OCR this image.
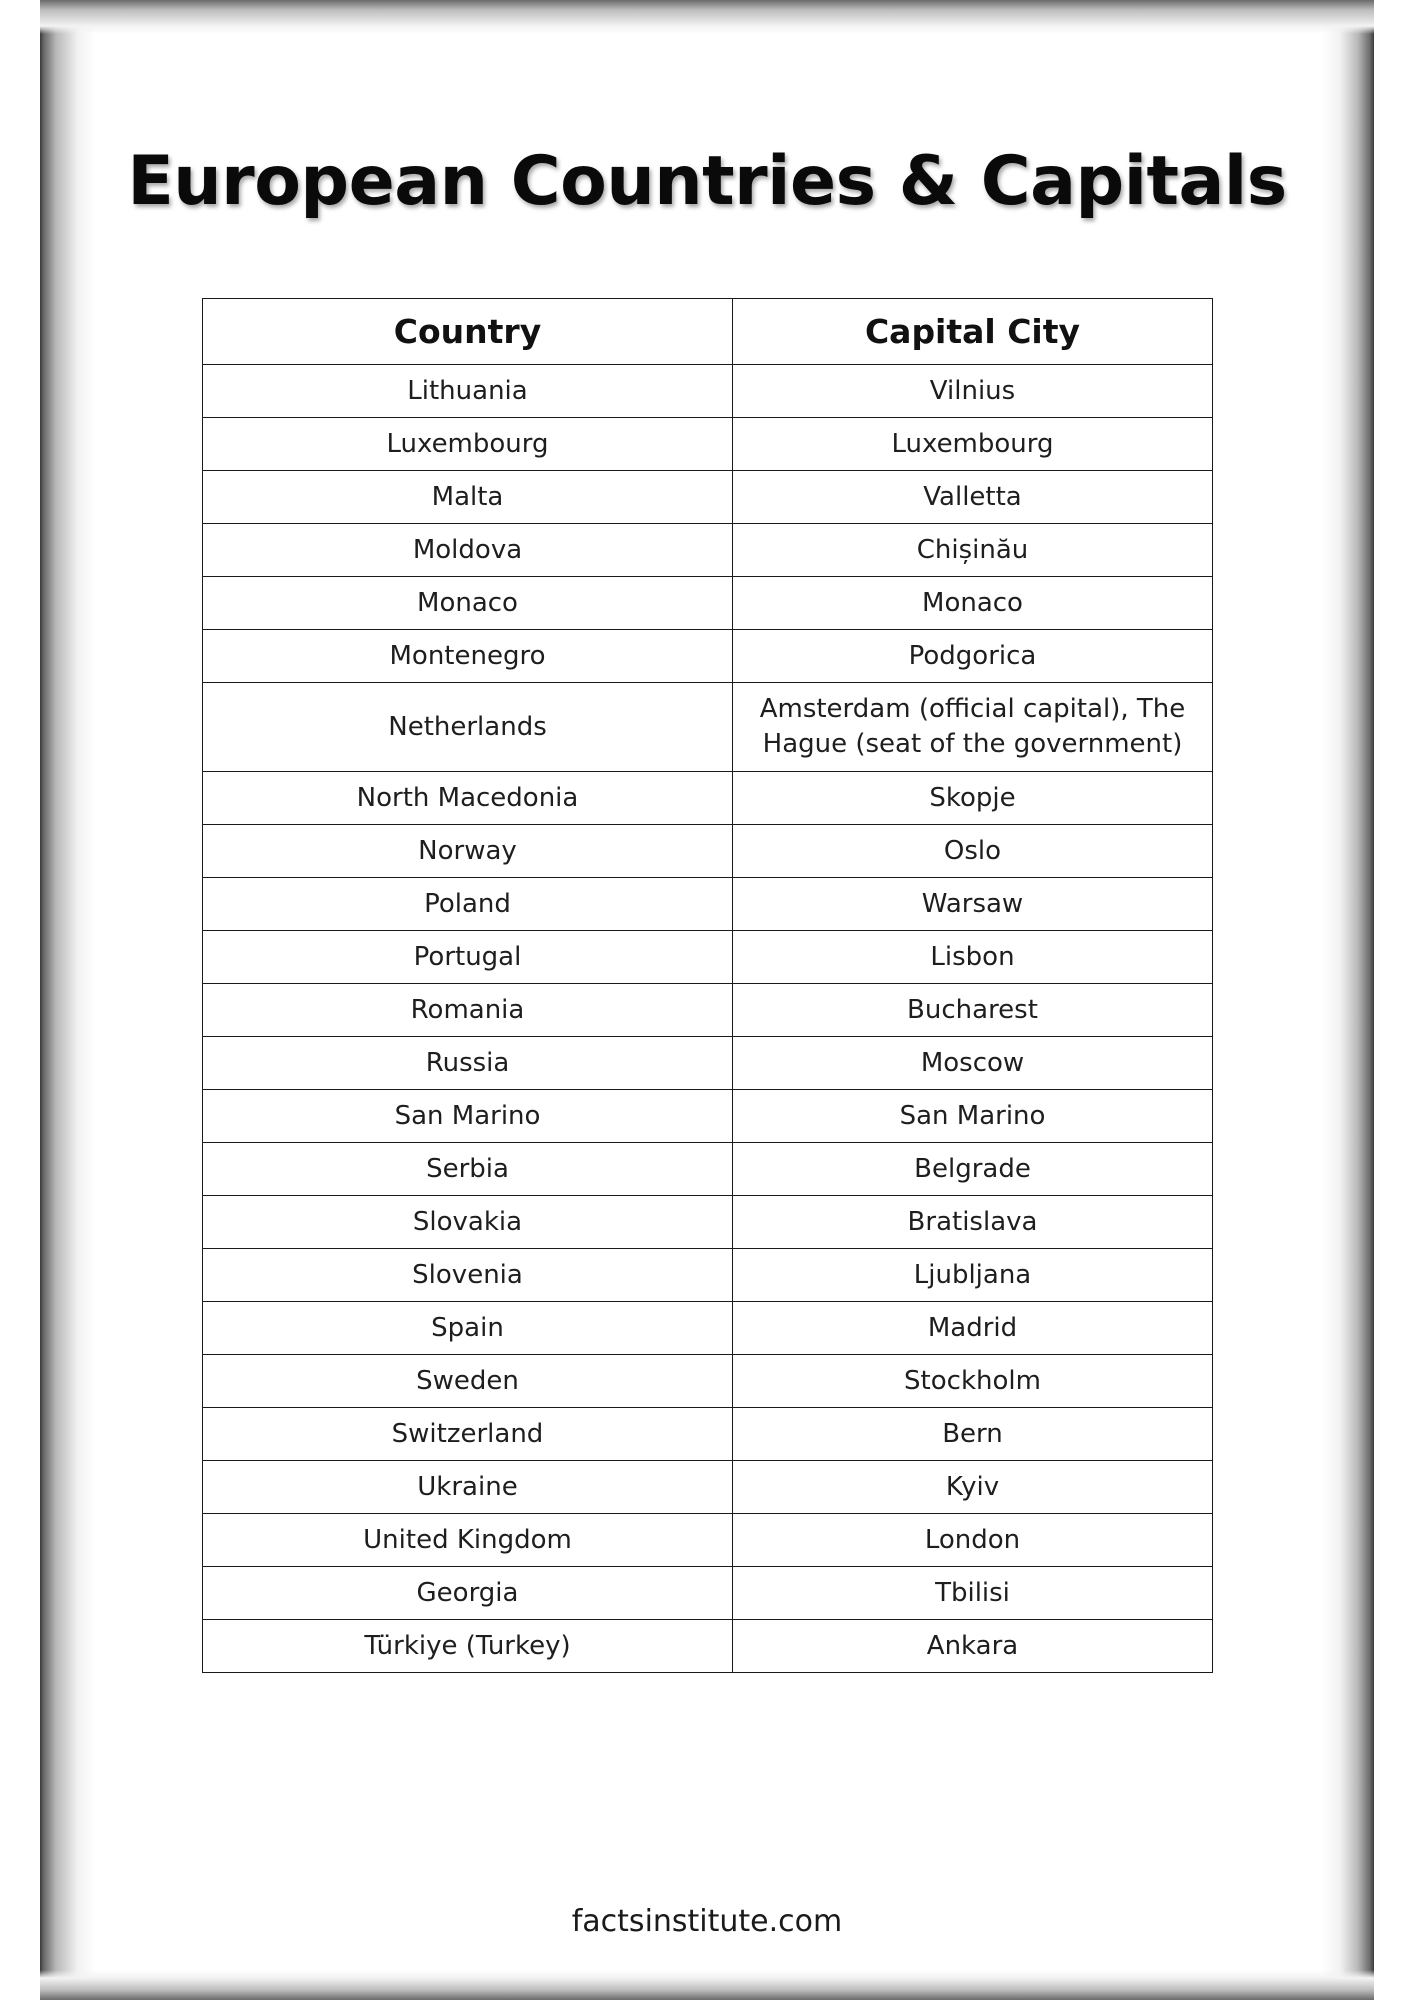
European Countries & Capitals
Country	Capital City
Lithuania	Vilnius
Luxembourg	Luxembourg
Malta	Valletta
Moldova	Chișinău
Monaco	Monaco
Montenegro	Podgorica
Netherlands	Amsterdam (official capital), The Hague (seat of the government)
North Macedonia	Skopje
Norway	Oslo
Poland	Warsaw
Portugal	Lisbon
Romania	Bucharest
Russia	Moscow
San Marino	San Marino
Serbia	Belgrade
Slovakia	Bratislava
Slovenia	Ljubljana
Spain	Madrid
Sweden	Stockholm
Switzerland	Bern
Ukraine	Kyiv
United Kingdom	London
Georgia	Tbilisi
Türkiye (Turkey)	Ankara
factsinstitute.com
